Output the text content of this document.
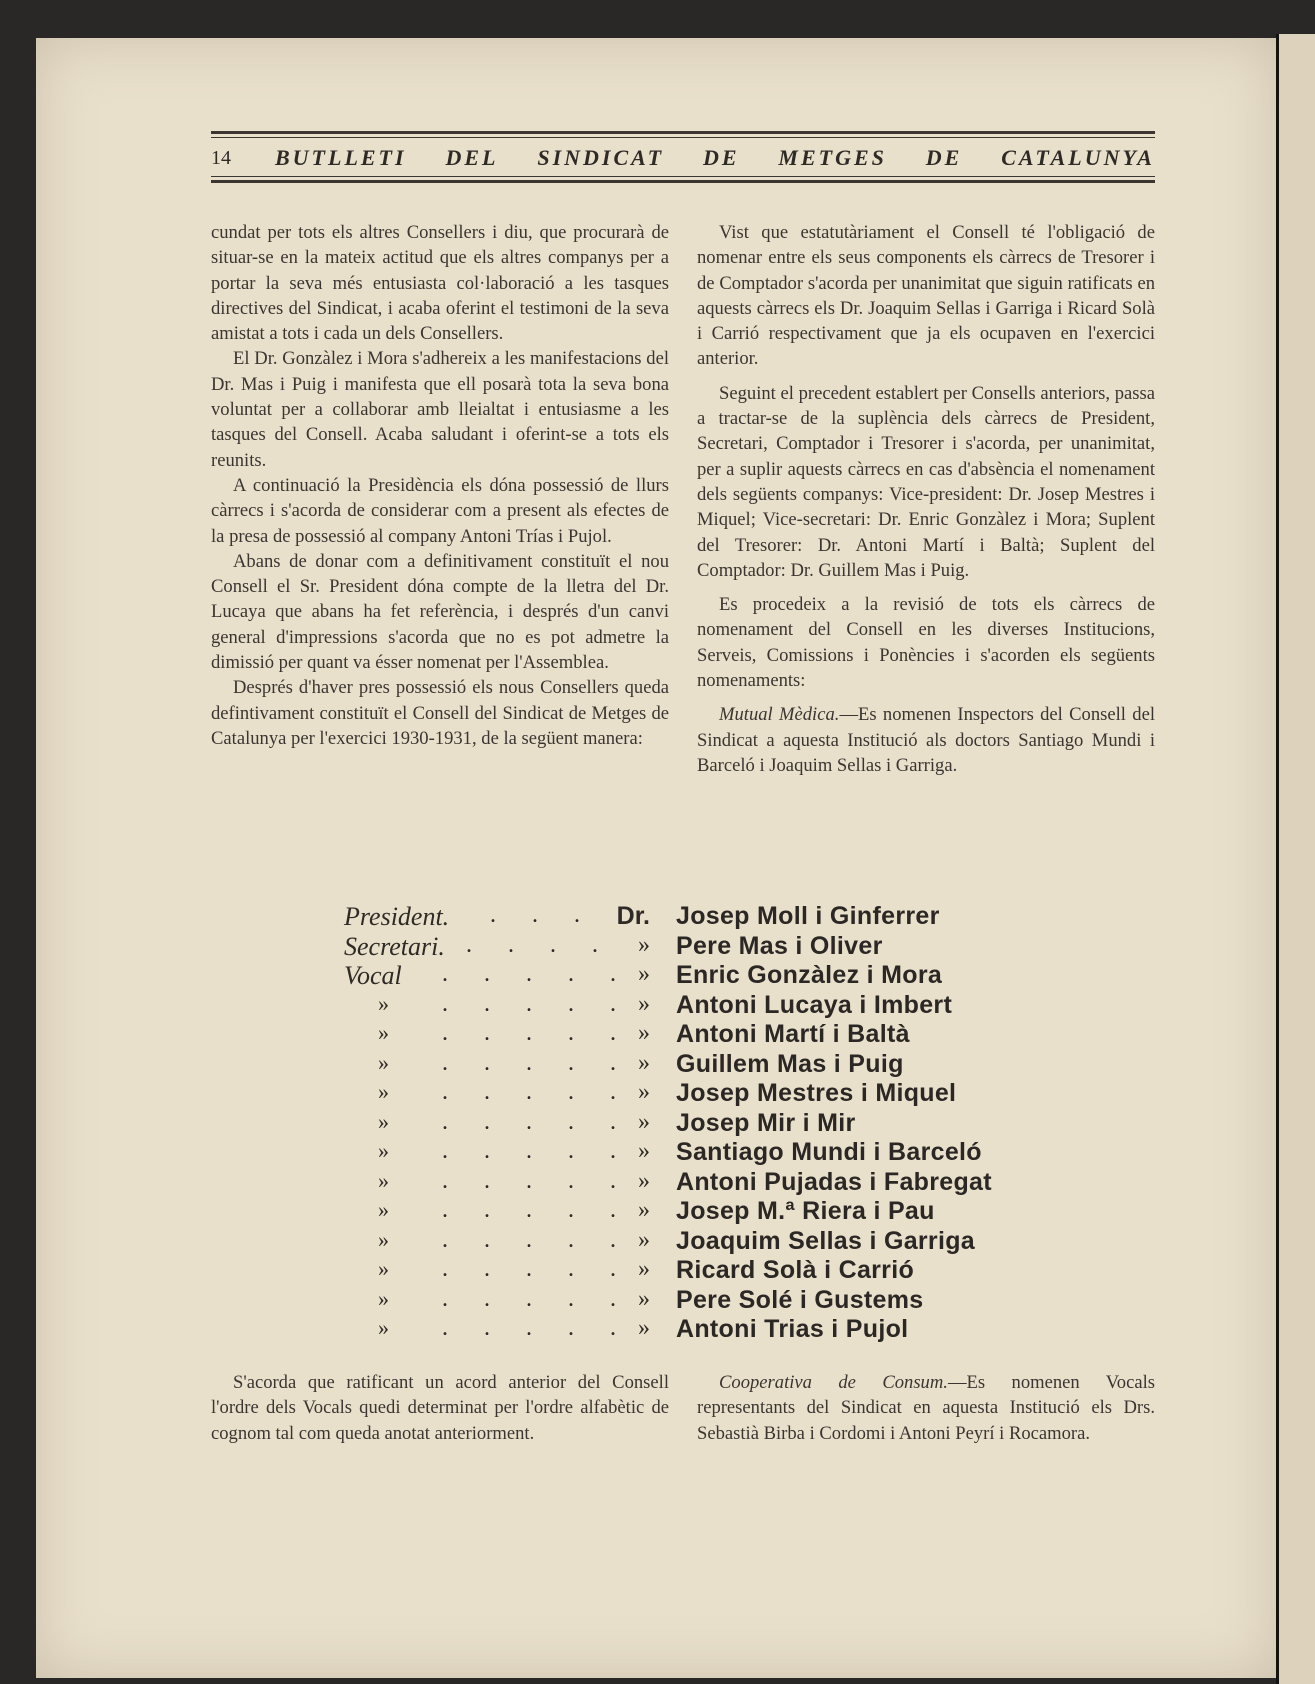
14 BUTLLETI DEL SINDICAT DE METGES DE CATALUNYA

cundat per tots els altres Consellers i diu, que procurarà de situar-se en la mateix actitud que els altres companys per a portar la seva més entusiasta col·laboració a les tasques directives del Sindicat, i acaba oferint el testimoni de la seva amistat a tots i cada un dels Consellers.

El Dr. Gonzàlez i Mora s'adhereix a les manifestacions del Dr. Mas i Puig i manifesta que ell posarà tota la seva bona voluntat per a collaborar amb lleialtat i entusiasme a les tasques del Consell. Acaba saludant i oferint-se a tots els reunits.

A continuació la Presidència els dóna possessió de llurs càrrecs i s'acorda de considerar com a present als efectes de la presa de possessió al company Antoni Trías i Pujol.

Abans de donar com a definitivament constituït el nou Consell el Sr. President dóna compte de la lletra del Dr. Lucaya que abans ha fet referència, i després d'un canvi general d'impressions s'acorda que no es pot admetre la dimissió per quant va ésser nomenat per l'Assemblea.

Després d'haver pres possessió els nous Consellers queda defintivament constituït el Consell del Sindicat de Metges de Catalunya per l'exercici 1930-1931, de la següent manera:

Vist que estatutàriament el Consell té l'obligació de nomenar entre els seus components els càrrecs de Tresorer i de Comptador s'acorda per unanimitat que siguin ratificats en aquests càrrecs els Dr. Joaquim Sellas i Garriga i Ricard Solà i Carrió respectivament que ja els ocupaven en l'exercici anterior.

Seguint el precedent establert per Consells anteriors, passa a tractar-se de la suplència dels càrrecs de President, Secretari, Comptador i Tresorer i s'acorda, per unanimitat, per a suplir aquests càrrecs en cas d'absència el nomenament dels següents companys: Vice-president: Dr. Josep Mestres i Miquel; Vice-secretari: Dr. Enric Gonzàlez i Mora; Suplent del Tresorer: Dr. Antoni Martí i Baltà; Suplent del Comptador: Dr. Guillem Mas i Puig.

Es procedeix a la revisió de tots els càrrecs de nomenament del Consell en les diverses Institucions, Serveis, Comissions i Ponències i s'acorden els següents nomenaments:

Mutual Mèdica.—Es nomenen Inspectors del Consell del Sindicat a aquesta Institució als doctors Santiago Mundi i Barceló i Joaquim Sellas i Garriga.

President. . . . Dr. Josep Moll i Ginferrer
Secretari. . . . .	» Pere Mas i Oliver
Vocal . . . . . » Enric Gonzàlez i Mora
»	. . . . . » Antoni Lucaya i Imbert
»	. . . . . » Antoni Martí i Baltà
»	. . . . . » Guillem Mas i Puig
»	. . . . . » Josep Mestres i Miquel
»	. . . . . » Josep Mir i Mir
»	. . . . . » Santiago Mundi i Barceló
»	. . . . . » Antoni Pujadas i Fabregat
»	. . . . . » Josep M.ª Riera i Pau
»	. . . . . » Joaquim Sellas i Garriga
»	. . . . . » Ricard Solà i Carrió
»	. . . . . » Pere Solé i Gustems
»	. . . . . » Antoni Trias i Pujol

S'acorda que ratificant un acord anterior del Consell l'ordre dels Vocals quedi determinat per l'ordre alfabètic de cognom tal com queda anotat anteriorment.

Cooperativa de Consum.—Es nomenen Vocals representants del Sindicat en aquesta Institució els Drs. Sebastià Birba i Cordomi i Antoni Peyrí i Rocamora.
